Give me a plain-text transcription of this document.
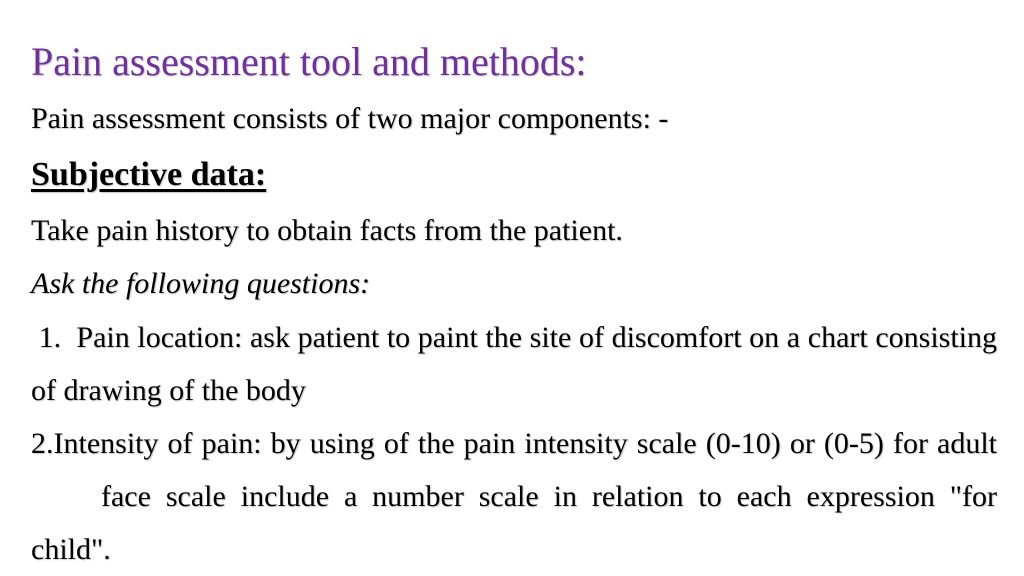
Pain assessment tool and methods:
Pain assessment consists of two major components: -
Subjective data:
Take pain history to obtain facts from the patient.
Ask the following questions:
1.  Pain location: ask patient to paint the site of discomfort on a chart consisting of drawing of the body
2.Intensity of pain: by using of the pain intensity scale (0-10) or (0-5) for adultface scale include a number scale in relation to each expression "for child".
